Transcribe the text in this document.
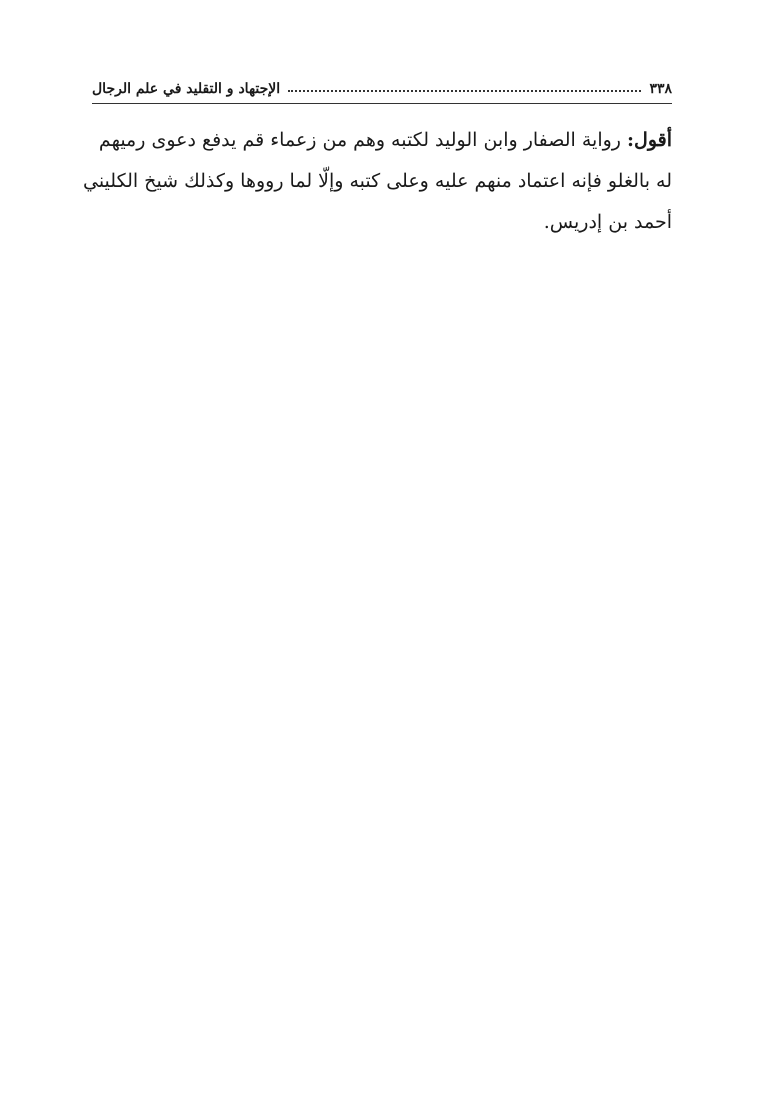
٣٣٨
الإجتهاد و التقليد في علم الرجال
أقول: رواية الصفار وابن الوليد لكتبه وهم من زعماء قم يدفع دعوى رميهم
له بالغلو فإنه اعتماد منهم عليه وعلى كتبه وإلّا لما رووها وكذلك شيخ الكليني
أحمد بن إدريس.
